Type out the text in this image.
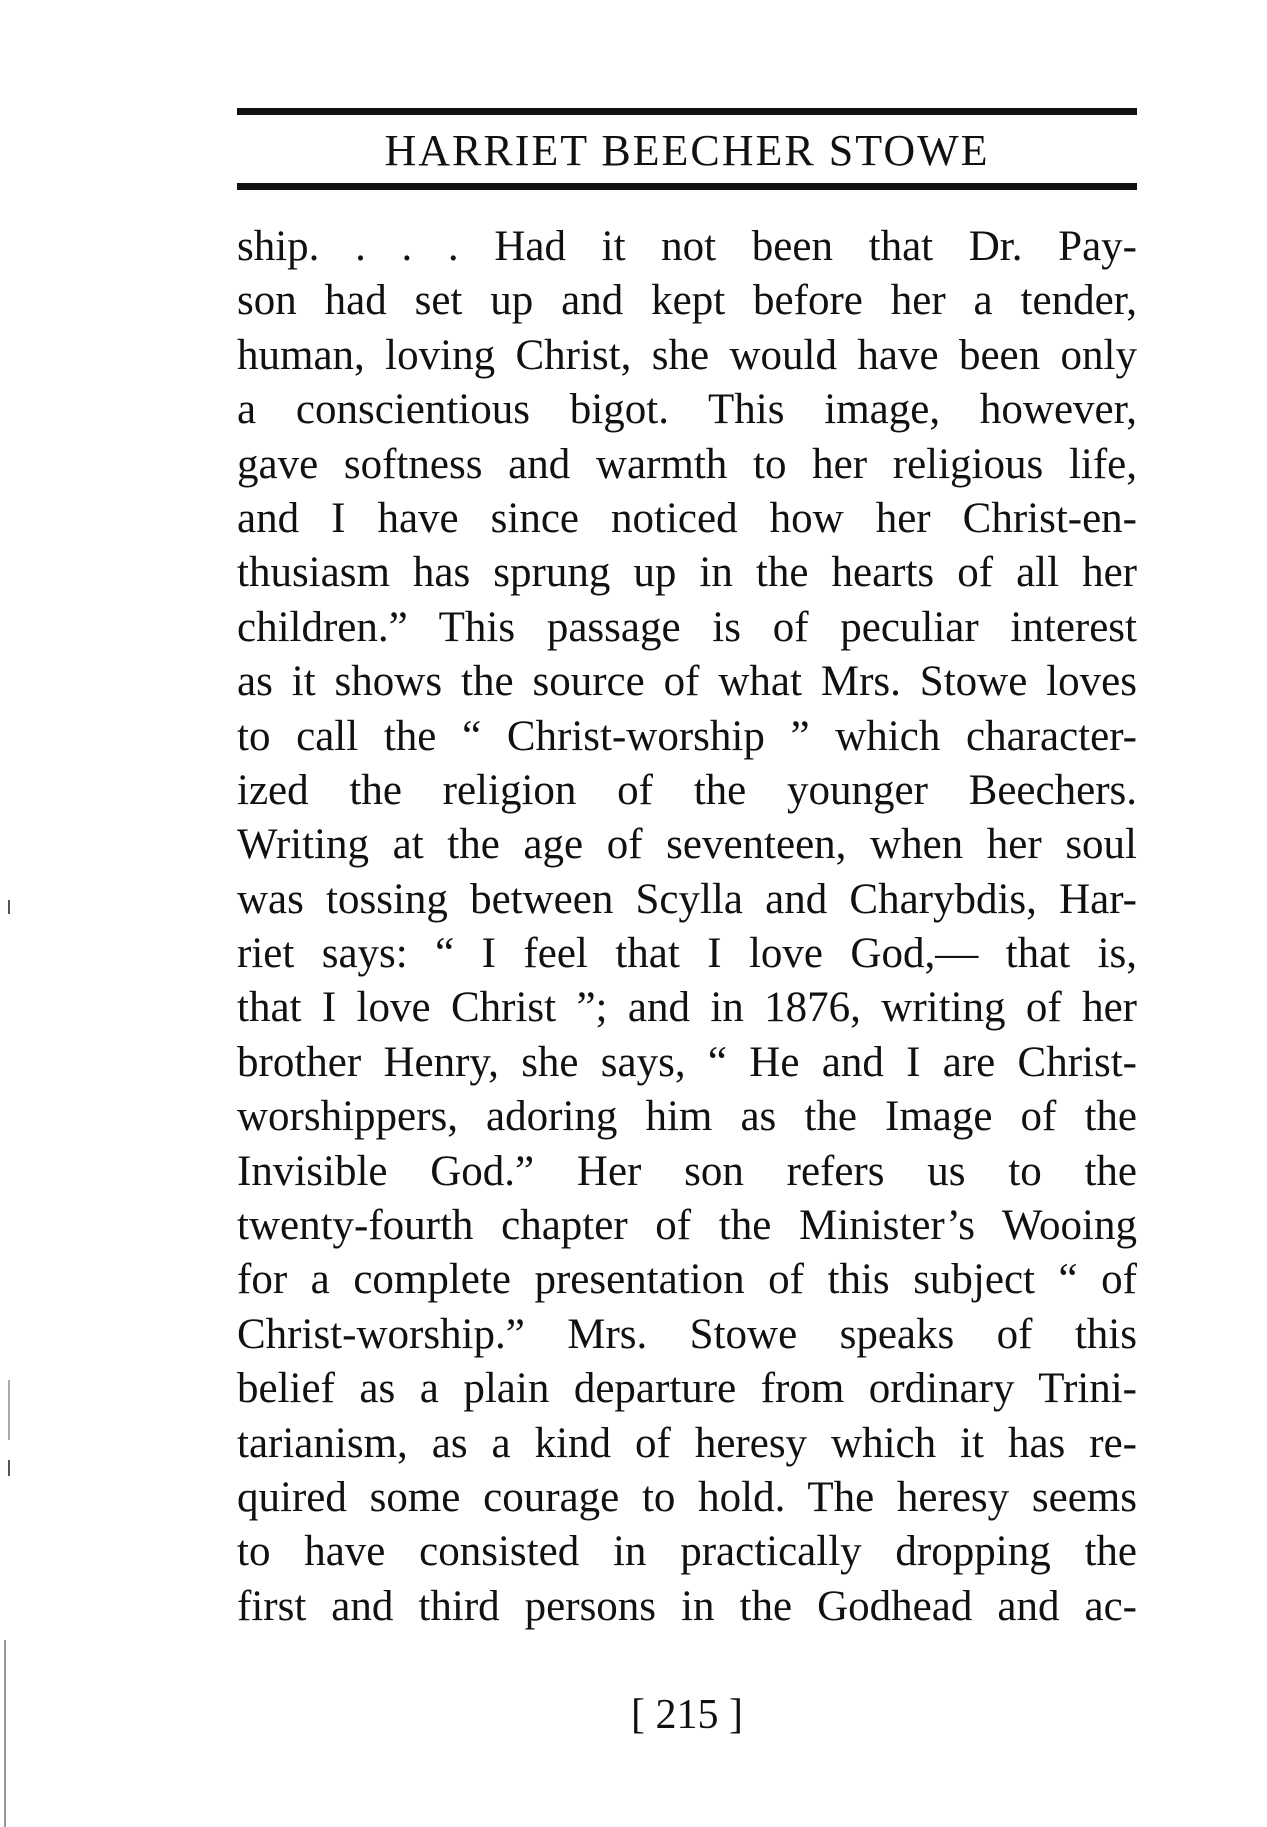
HARRIET BEECHER STOWE
ship. . . . Had it not been that Dr. Pay-
son had set up and kept before her a tender,
human, loving Christ, she would have been only
a conscientious bigot. This image, however,
gave softness and warmth to her religious life,
and I have since noticed how her Christ-en-
thusiasm has sprung up in the hearts of all her
children.” This passage is of peculiar interest
as it shows the source of what Mrs. Stowe loves
to call the “ Christ-worship ” which character-
ized the religion of the younger Beechers.
Writing at the age of seventeen, when her soul
was tossing between Scylla and Charybdis, Har-
riet says: “ I feel that I love God,— that is,
that I love Christ ”; and in 1876, writing of her
brother Henry, she says, “ He and I are Christ-
worshippers, adoring him as the Image of the
Invisible God.” Her son refers us to the
twenty-fourth chapter of the Minister’s Wooing
for a complete presentation of this subject “ of
Christ-worship.” Mrs. Stowe speaks of this
belief as a plain departure from ordinary Trini-
tarianism, as a kind of heresy which it has re-
quired some courage to hold. The heresy seems
to have consisted in practically dropping the
first and third persons in the Godhead and ac-
[ 215 ]
